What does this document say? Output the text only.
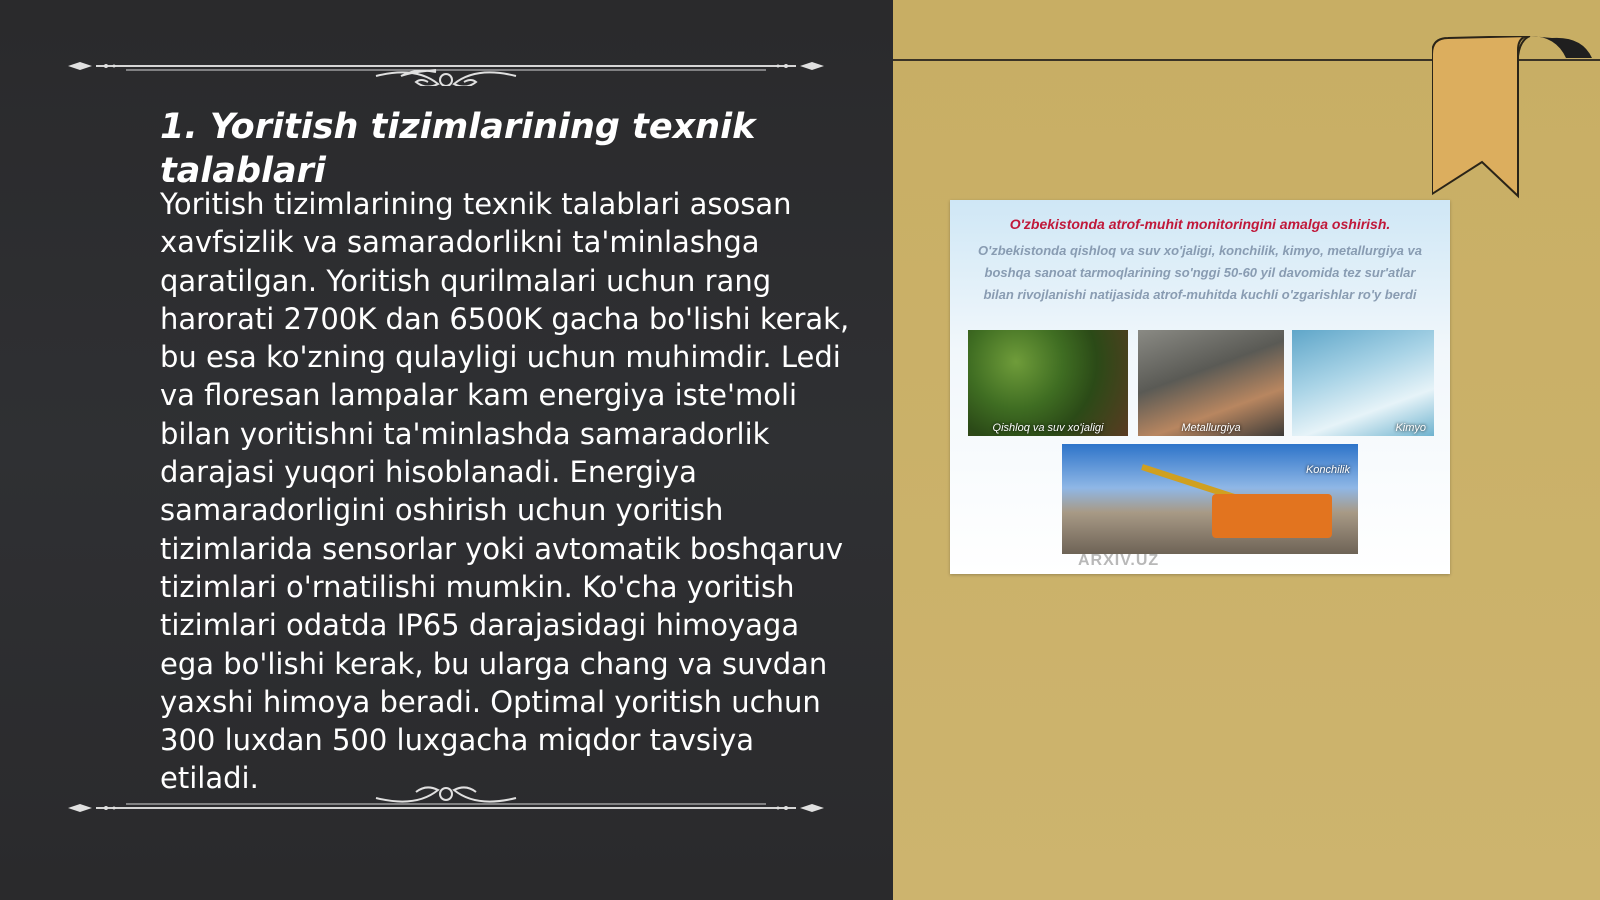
1. Yoritish tizimlarining texnik talablari

Yoritish tizimlarining texnik talablari asosan xavfsizlik va samaradorlikni ta'minlashga qaratilgan. Yoritish qurilmalari uchun rang harorati 2700K dan 6500K gacha bo'lishi kerak, bu esa ko'zning qulayligi uchun muhimdir. Ledi va floresan lampalar kam energiya iste'moli bilan yoritishni ta'minlashda samaradorlik darajasi yuqori hisoblanadi. Energiya samaradorligini oshirish uchun yoritish tizimlarida sensorlar yoki avtomatik boshqaruv tizimlari o'rnatilishi mumkin. Ko'cha yoritish tizimlari odatda IP65 darajasidagi himoyaga ega bo'lishi kerak, bu ularga chang va suvdan yaxshi himoya beradi. Optimal yoritish uchun 300 luxdan 500 luxgacha miqdor tavsiya etiladi.

O'zbekistonda atrof-muhit monitoringini amalga oshirish.
O'zbekistonda qishloq va suv xo'jaligi, konchilik, kimyo, metallurgiya va boshqa sanoat tarmoqlarining so'nggi 50-60 yil davomida tez sur'atlar bilan rivojlanishi natijasida atrof-muhitda kuchli o'zgarishlar ro'y berdi
Qishloq va suv xo'jaligi	Metallurgiya	Kimyo
Konchilik
ARXIV.UZ
